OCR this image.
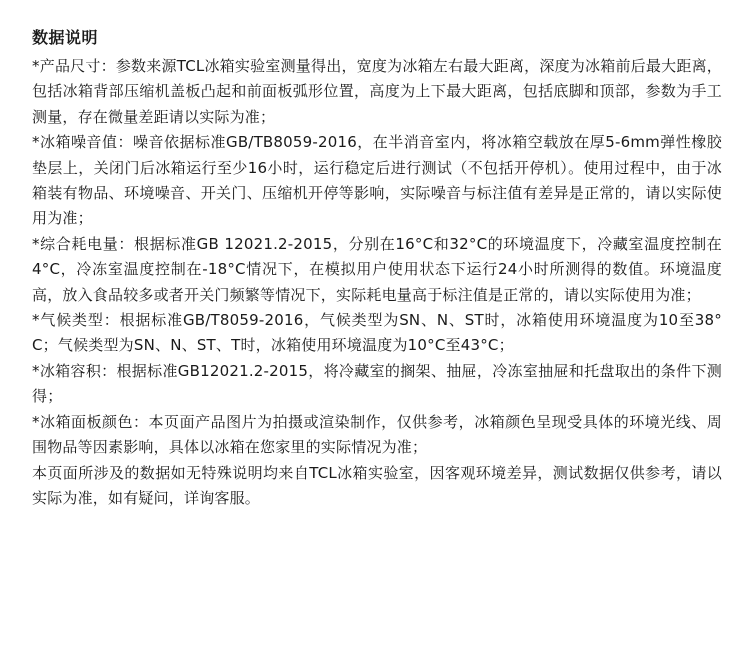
数据说明

*产品尺寸：参数来源TCL冰箱实验室测量得出，宽度为冰箱左右最大距离，深度为冰箱前后最大距离，包括冰箱背部压缩机盖板凸起和前面板弧形位置，高度为上下最大距离，包括底脚和顶部，参数为手工测量，存在微量差距请以实际为准；

*冰箱噪音值：噪音依据标准GB/TB8059-2016，在半消音室内，将冰箱空载放在厚5-6mm弹性橡胶垫层上，关闭门后冰箱运行至少16小时，运行稳定后进行测试（不包括开停机）。使用过程中，由于冰箱装有物品、环境噪音、开关门、压缩机开停等影响，实际噪音与标注值有差异是正常的，请以实际使用为准；

*综合耗电量：根据标准GB 12021.2-2015，分别在16°C和32°C的环境温度下，冷藏室温度控制在4°C，冷冻室温度控制在-18°C情况下，在模拟用户使用状态下运行24小时所测得的数值。环境温度高，放入食品较多或者开关门频繁等情况下，实际耗电量高于标注值是正常的，请以实际使用为准；

*气候类型：根据标准GB/T8059-2016，气候类型为SN、N、ST时，冰箱使用环境温度为10至38°C；气候类型为SN、N、ST、T时，冰箱使用环境温度为10°C至43°C；

*冰箱容积：根据标准GB12021.2-2015，将冷藏室的搁架、抽屉，冷冻室抽屉和托盘取出的条件下测得；

*冰箱面板颜色：本页面产品图片为拍摄或渲染制作，仅供参考，冰箱颜色呈现受具体的环境光线、周围物品等因素影响，具体以冰箱在您家里的实际情况为准；

本页面所涉及的数据如无特殊说明均来自TCL冰箱实验室，因客观环境差异，测试数据仅供参考，请以实际为准，如有疑问，详询客服。
